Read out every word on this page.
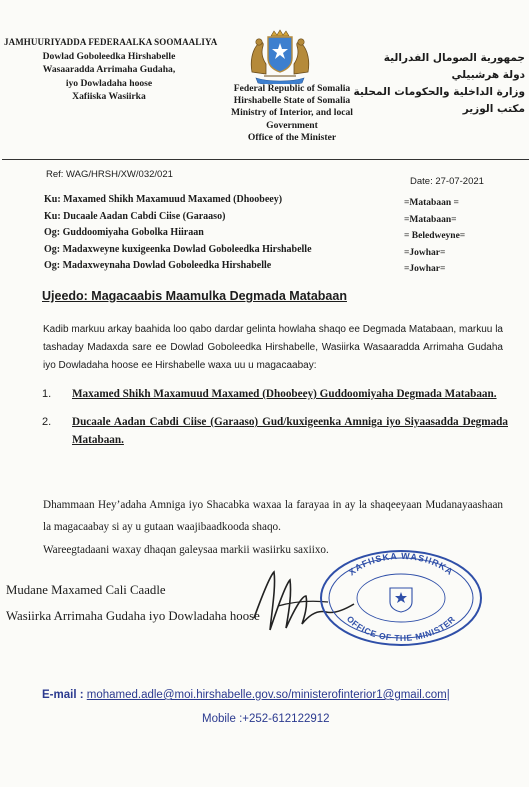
JAMHUURIYADDA FEDERAALKA SOOMAALIYA
Dowlad Goboleedka Hirshabelle
Wasaaradda Arrimaha Gudaha,
iyo Dowladaha hoose
Xafiiska Wasiirka
Federal Republic of Somalia
Hirshabelle State of Somalia
Ministry of Interior, and local
Government
Office of the Minister
جمهورية الصومال الفدرالية
دولة هرشبيلي
وزارة الداخلية والحكومات المحلية
مكتب الوزير
Ref: WAG/HRSH/XW/032/021
Date: 27-07-2021
Ku: Maxamed Shikh Maxamuud Maxamed (Dhoobeey)
Ku: Ducaale Aadan Cabdi Ciise (Garaaso)
Og: Guddoomiyaha Gobolka Hiiraan
Og: Madaxweyne kuxigeenka Dowlad Goboleedka Hirshabelle
Og: Madaxweynaha Dowlad Goboleedka Hirshabelle
=Matabaan =
=Matabaan=
= Beledweyne=
=Jowhar=
=Jowhar=
Ujeedo: Magacaabis Maamulka Degmada Matabaan
Kadib markuu arkay baahida loo qabo dardar gelinta howlaha shaqo ee Degmada Matabaan, markuu la tashaday Madaxda sare ee Dowlad Goboleedka Hirshabelle, Wasiirka Wasaaradda Arrimaha Gudaha iyo Dowladaha hoose ee Hirshabelle waxa uu u magacaabay:
1. Maxamed Shikh Maxamuud Maxamed (Dhoobeey) Guddoomiyaha Degmada Matabaan.
2. Ducaale Aadan Cabdi Ciise (Garaaso) Gud/kuxigeenka Amniga iyo Siyaasadda Degmada Matabaan.
Dhammaan Hey’adaha Amniga iyo Shacabka waxaa la farayaa in ay la shaqeeyaan Mudanayaashaan la magacaabay si ay u gutaan waajibaadkooda shaqo.
Wareegtadaani waxay dhaqan galeysaa markii wasiirku saxiixo.
Mudane Maxamed Cali Caadle
Wasiirka Arrimaha Gudaha iyo Dowladaha hoose
XAFIISKA WASIIRKA
OFFICE OF THE MINISTER
E-mail : mohamed.adle@moi.hirshabelle.gov.so/ministerofinterior1@gmail.com|
Mobile :+252-612122912
